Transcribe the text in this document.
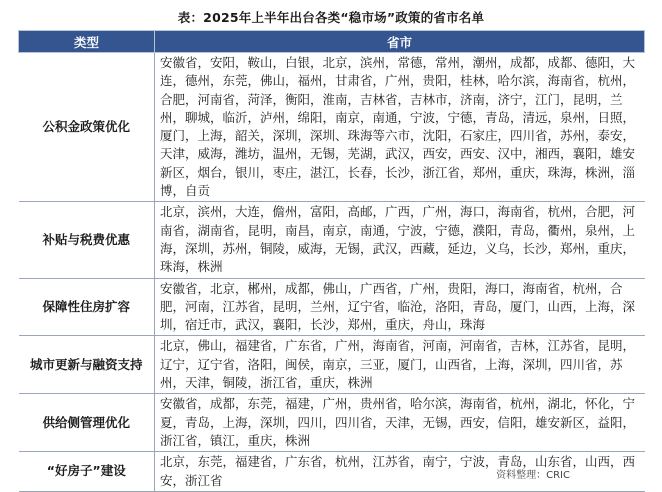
表：2025年上半年出台各类“稳市场”政策的省市名单
类型	省市
公积金政策优化	安徽省，安阳，鞍山，白银，北京，滨州，常德，常州，潮州，成都，成都、德阳，大连，德州，东莞，佛山，福州，甘肃省，广州，贵阳，桂林，哈尔滨，海南省，杭州，合肥，河南省，菏泽，衡阳，淮南，吉林省，吉林市，济南，济宁，江门，昆明，兰州，聊城，临沂，泸州，绵阳，南京，南通，宁波，宁德，青岛，清远，泉州，日照，厦门，上海，韶关，深圳，深圳、珠海等六市，沈阳，石家庄，四川省，苏州，泰安，天津，威海，潍坊，温州，无锡，芜湖，武汉，西安，西安、汉中，湘西，襄阳，雄安新区，烟台，银川，枣庄，湛江，长春，长沙，浙江省，郑州，重庆，珠海，株洲，淄博，自贡
补贴与税费优惠	北京，滨州，大连，儋州，富阳，高邮，广西，广州，海口，海南省，杭州，合肥，河南省，湖南省，昆明，南昌，南京，南通，宁波，宁德，濮阳，青岛，衢州，泉州，上海，深圳，苏州，铜陵，威海，无锡，武汉，西藏，延边，义乌，长沙，郑州，重庆，珠海，株洲
保障性住房扩容	安徽省，北京，郴州，成都，佛山，广西省，广州，贵阳，海口，海南省，杭州，合肥，河南，江苏省，昆明，兰州，辽宁省，临沧，洛阳，青岛，厦门，山西，上海，深圳，宿迁市，武汉，襄阳，长沙，郑州，重庆，舟山，珠海
城市更新与融资支持	北京，佛山，福建省，广东省，广州，海南省，河南，河南省，吉林，江苏省，昆明，辽宁，辽宁省，洛阳，闽侯，南京，三亚，厦门，山西省，上海，深圳，四川省，苏州，天津，铜陵，浙江省，重庆，株洲
供给侧管理优化	安徽省，成都，东莞，福建，广州，贵州省，哈尔滨，海南省，杭州，湖北，怀化，宁夏，青岛，上海，深圳，四川，四川省，天津，无锡，西安，信阳，雄安新区，益阳，浙江省，镇江，重庆，株洲
“好房子”建设	北京，东莞，福建省，广东省，杭州，江苏省，南宁，宁波，青岛，山东省，山西，西安，浙江省	资料整理：CRIC
